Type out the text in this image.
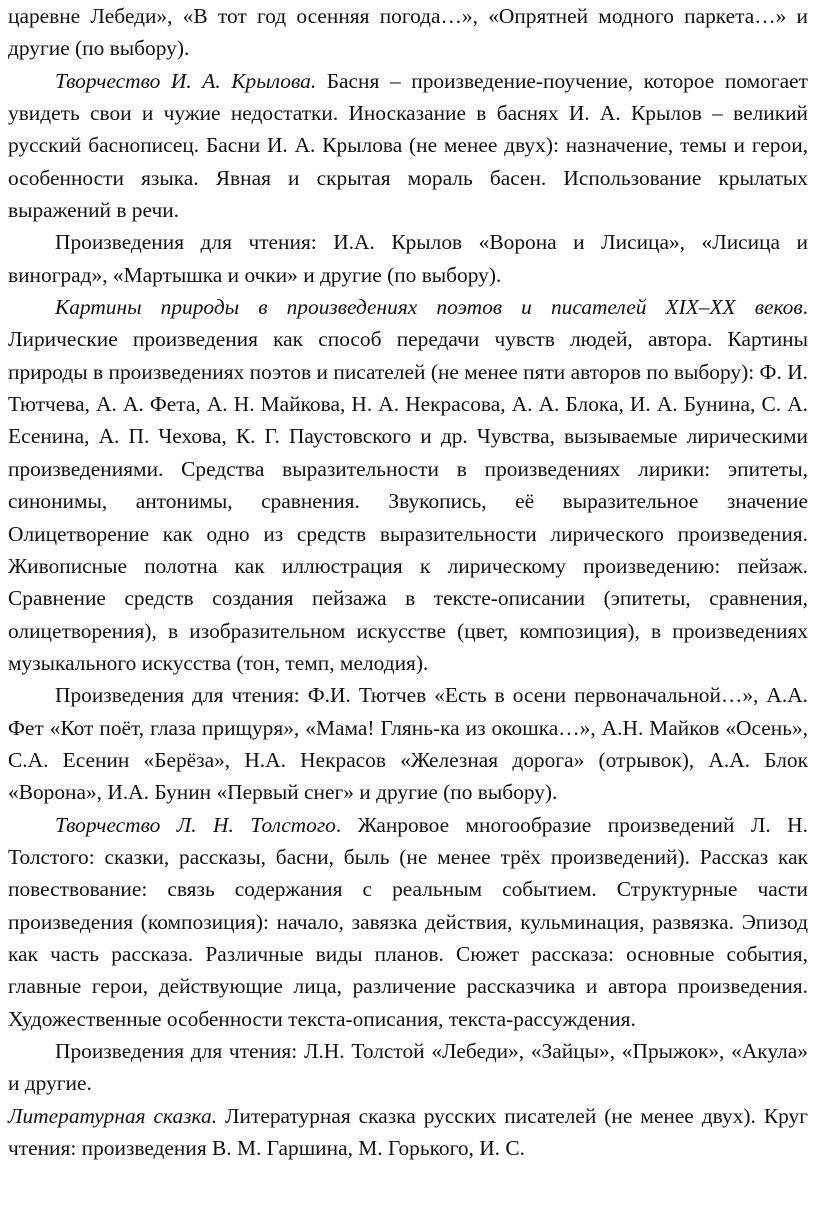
царевне Лебеди», «В тот год осенняя погода…», «Опрятней модного паркета…» и другие (по выбору).

Творчество И. А. Крылова. Басня – произведение-поучение, которое помогает увидеть свои и чужие недостатки. Иносказание в баснях И. А. Крылов – великий русский баснописец. Басни И. А. Крылова (не менее двух): назначение, темы и герои, особенности языка. Явная и скрытая мораль басен. Использование крылатых выражений в речи.

Произведения для чтения: И.А. Крылов «Ворона и Лисица», «Лисица и виноград», «Мартышка и очки» и другие (по выбору).

Картины природы в произведениях поэтов и писателей XIX–XX веков. Лирические произведения как способ передачи чувств людей, автора. Картины природы в произведениях поэтов и писателей (не менее пяти авторов по выбору): Ф. И. Тютчева, А. А. Фета, А. Н. Майкова, Н. А. Некрасова, А. А. Блока, И. А. Бунина, С. А. Есенина, А. П. Чехова, К. Г. Паустовского и др. Чувства, вызываемые лирическими произведениями. Средства выразительности в произведениях лирики: эпитеты, синонимы, антонимы, сравнения. Звукопись, её выразительное значение Олицетворение как одно из средств выразительности лирического произведения. Живописные полотна как иллюстрация к лирическому произведению: пейзаж. Сравнение средств создания пейзажа в тексте-описании (эпитеты, сравнения, олицетворения), в изобразительном искусстве (цвет, композиция), в произведениях музыкального искусства (тон, темп, мелодия).

Произведения для чтения: Ф.И. Тютчев «Есть в осени первоначальной…», А.А. Фет «Кот поёт, глаза прищуря», «Мама! Глянь-ка из окошка…», А.Н. Майков «Осень», С.А. Есенин «Берёза», Н.А. Некрасов «Железная дорога» (отрывок), А.А. Блок «Ворона», И.А. Бунин «Первый снег» и другие (по выбору).

Творчество Л. Н. Толстого. Жанровое многообразие произведений Л. Н. Толстого: сказки, рассказы, басни, быль (не менее трёх произведений). Рассказ как повествование: связь содержания с реальным событием. Структурные части произведения (композиция): начало, завязка действия, кульминация, развязка. Эпизод как часть рассказа. Различные виды планов. Сюжет рассказа: основные события, главные герои, действующие лица, различение рассказчика и автора произведения. Художественные особенности текста-описания, текста-рассуждения.

Произведения для чтения: Л.Н. Толстой «Лебеди», «Зайцы», «Прыжок», «Акула» и другие.

Литературная сказка. Литературная сказка русских писателей (не менее двух). Круг чтения: произведения В. М. Гаршина, М. Горького, И. С.
